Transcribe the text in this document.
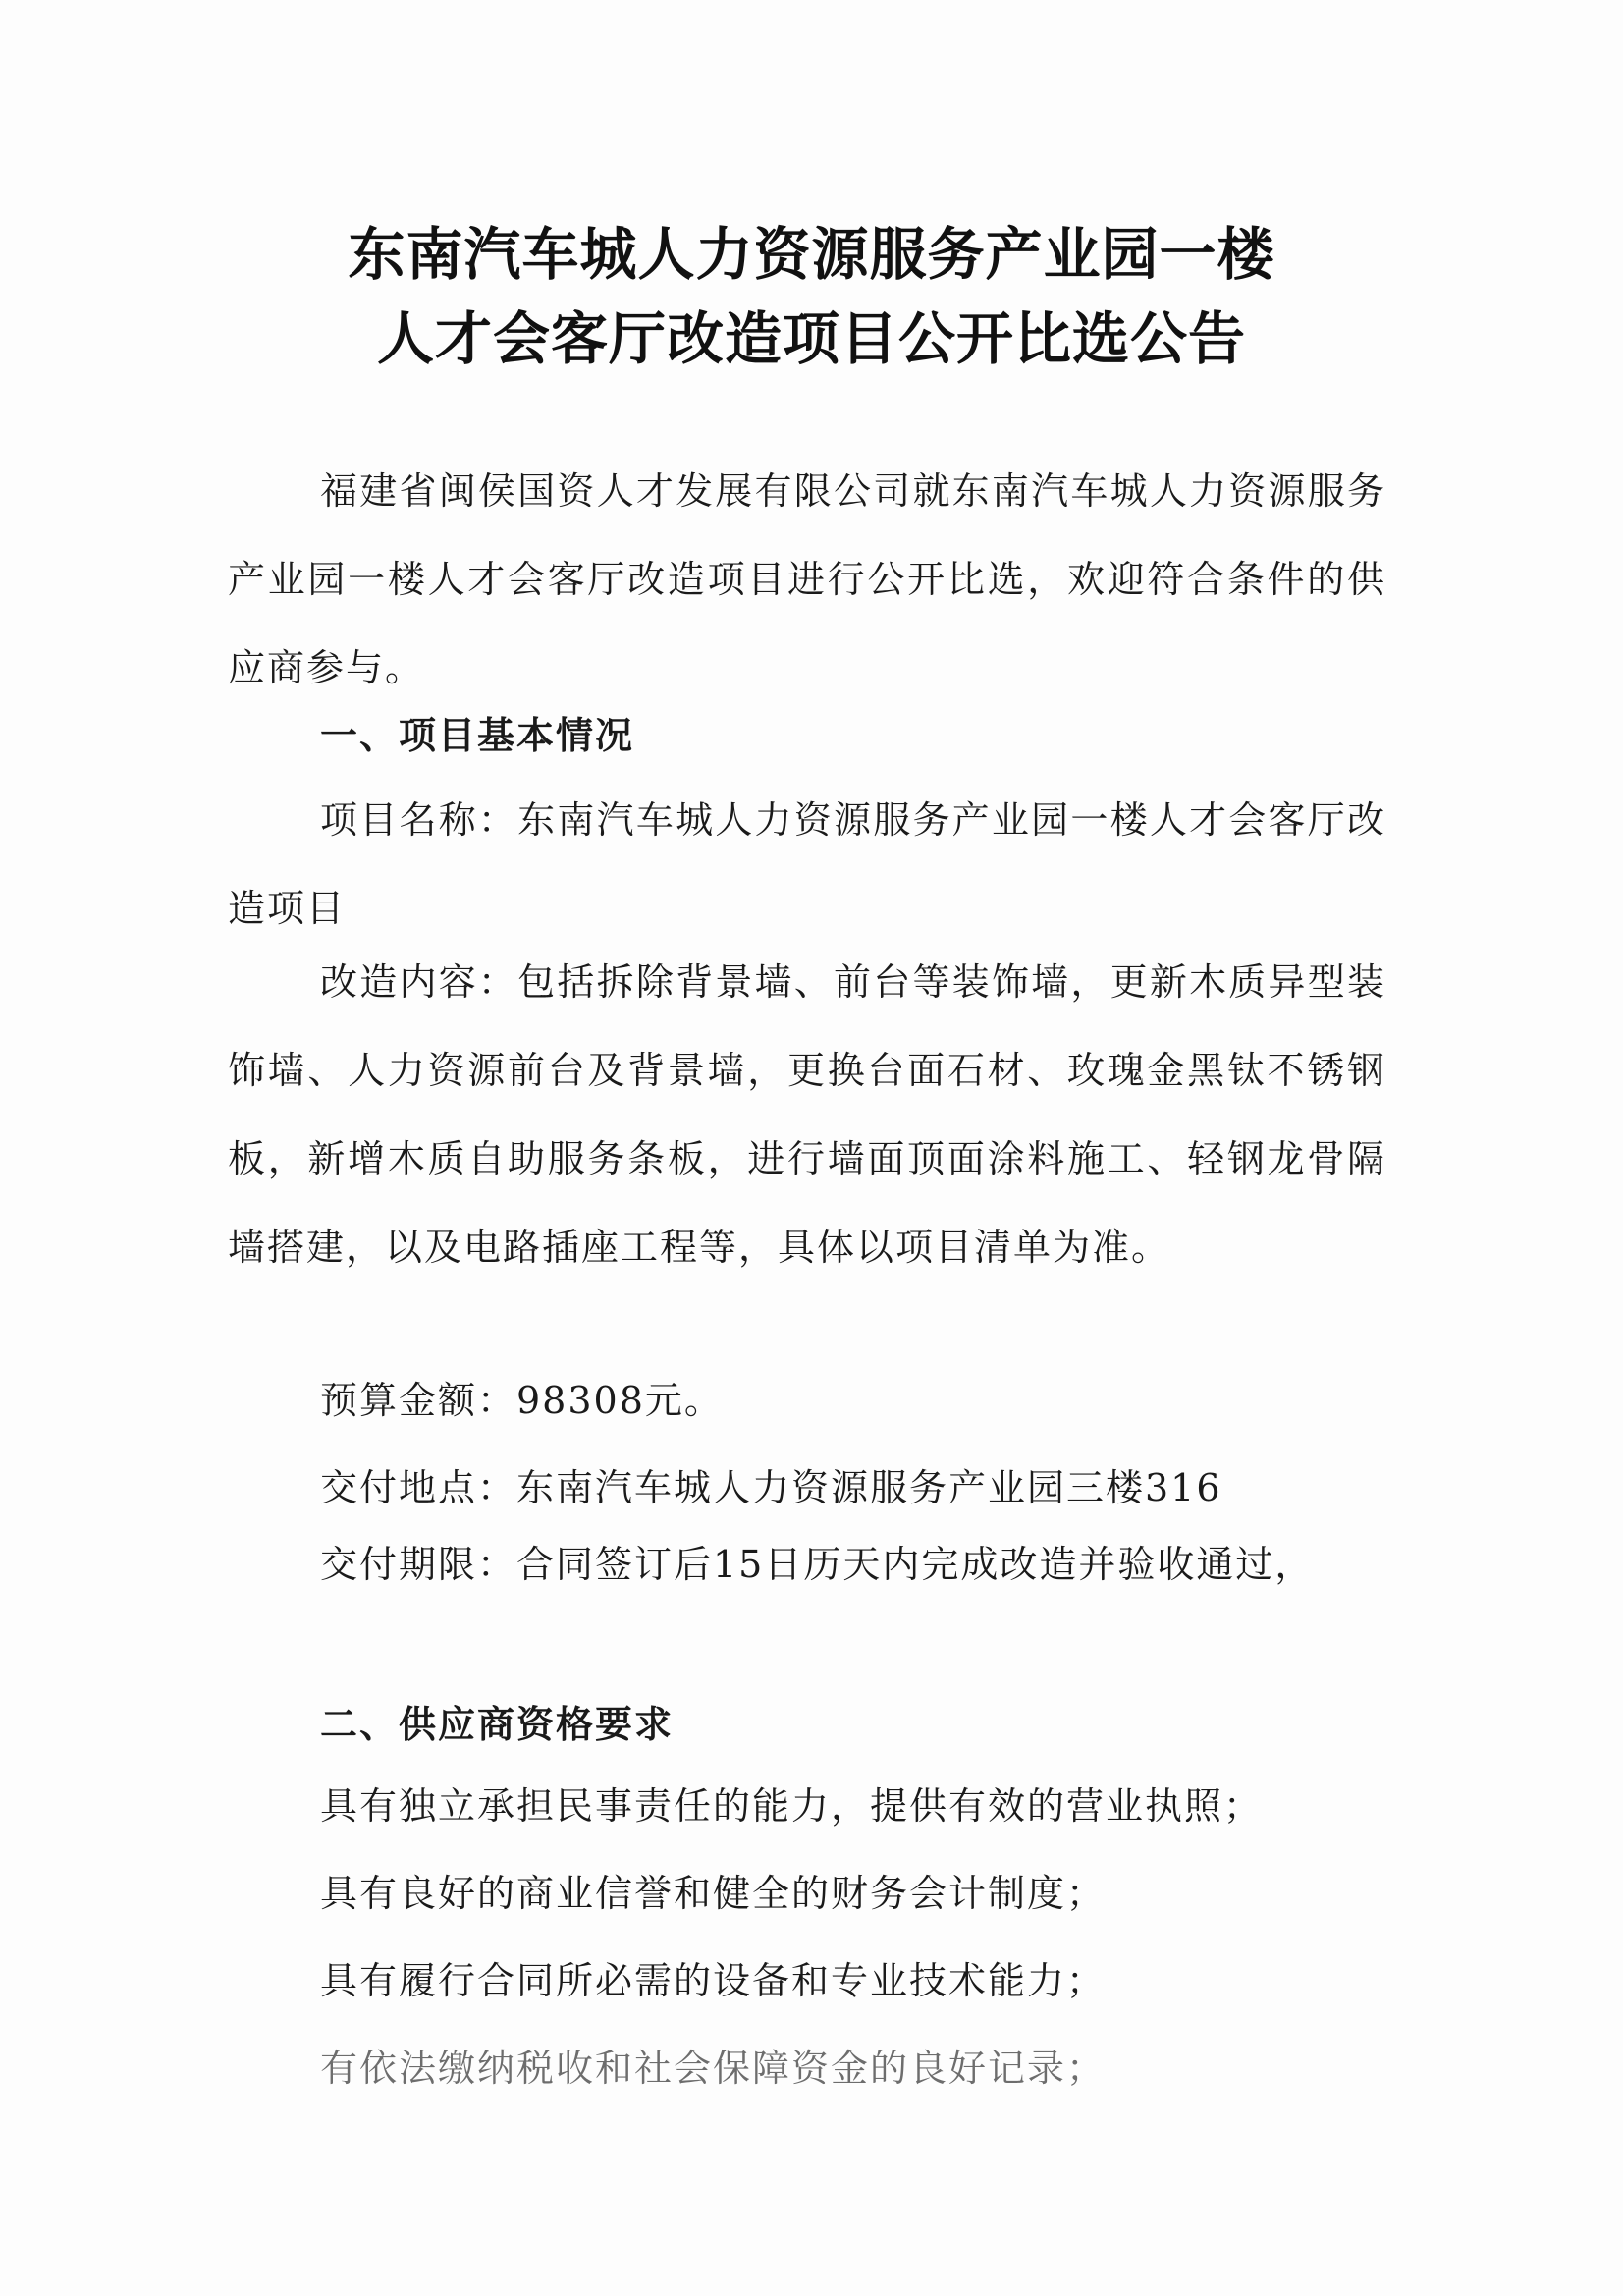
东南汽车城人力资源服务产业园一楼
人才会客厅改造项目公开比选公告
福建省闽侯国资人才发展有限公司就东南汽车城人力资源服务产业园一楼人才会客厅改造项目进行公开比选，欢迎符合条件的供应商参与。
一、项目基本情况
项目名称：东南汽车城人力资源服务产业园一楼人才会客厅改造项目
改造内容：包括拆除背景墙、前台等装饰墙，更新木质异型装饰墙、人力资源前台及背景墙，更换台面石材、玫瑰金黑钛不锈钢板，新增木质自助服务条板，进行墙面顶面涂料施工、轻钢龙骨隔墙搭建，以及电路插座工程等，具体以项目清单为准。
预算金额：98308元。
交付地点：东南汽车城人力资源服务产业园三楼316
交付期限：合同签订后15日历天内完成改造并验收通过，
二、供应商资格要求
具有独立承担民事责任的能力，提供有效的营业执照；
具有良好的商业信誉和健全的财务会计制度；
具有履行合同所必需的设备和专业技术能力；
有依法缴纳税收和社会保障资金的良好记录；
